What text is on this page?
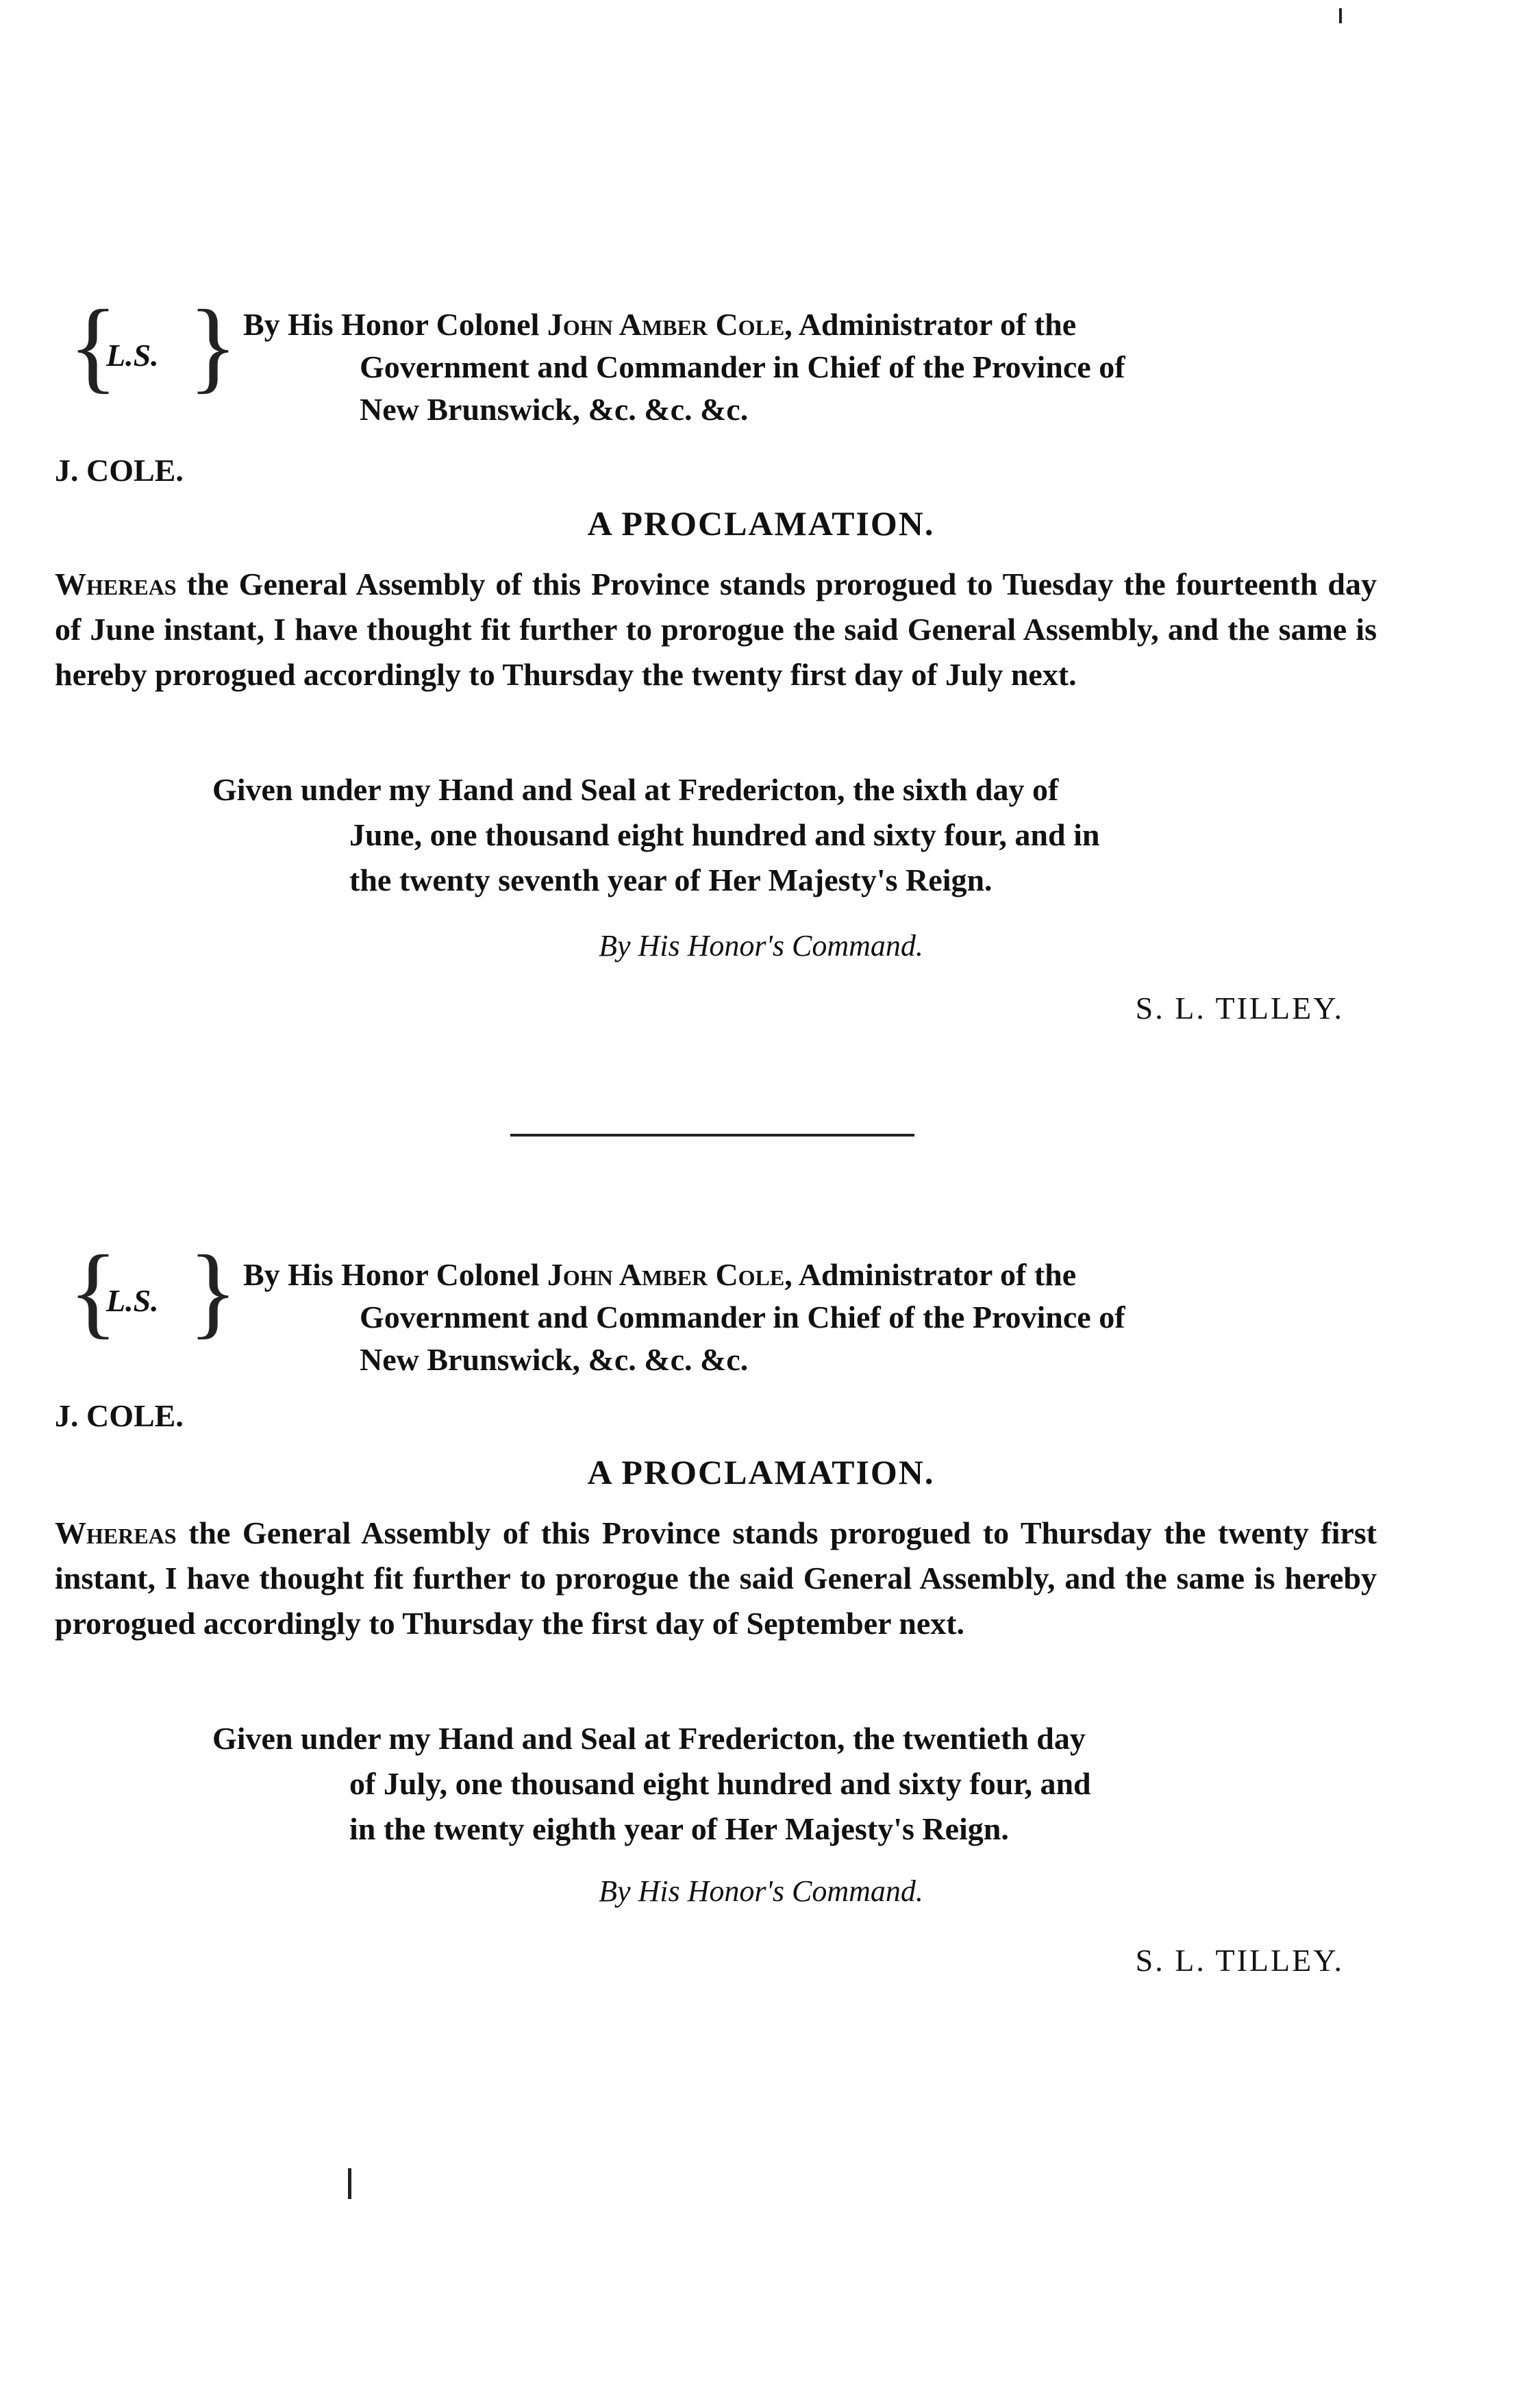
{
L.S. } By His Honor Colonel John Amber Cole, Administrator of the
Government and Commander in Chief of the Province of
New Brunswick, &c. &c. &c.
J. COLE.
A PROCLAMATION.
Whereas the General Assembly of this Province stands prorogued to Tuesday the fourteenth day of June instant, I have thought fit further to prorogue the said General Assembly, and the same is hereby prorogued accordingly to Thursday the twenty first day of July next.
Given under my Hand and Seal at Fredericton, the sixth day of
June, one thousand eight hundred and sixty four, and in
the twenty seventh year of Her Majesty's Reign.
By His Honor's Command.
S. L. TILLEY.
{
L.S. } By His Honor Colonel John Amber Cole, Administrator of the
Government and Commander in Chief of the Province of
New Brunswick, &c. &c. &c.
J. COLE.
A PROCLAMATION.
Whereas the General Assembly of this Province stands prorogued to Thursday the twenty first instant, I have thought fit further to prorogue the said General Assembly, and the same is hereby prorogued accordingly to Thursday the first day of September next.
Given under my Hand and Seal at Fredericton, the twentieth day
of July, one thousand eight hundred and sixty four, and
in the twenty eighth year of Her Majesty's Reign.
By His Honor's Command.
S. L. TILLEY.
